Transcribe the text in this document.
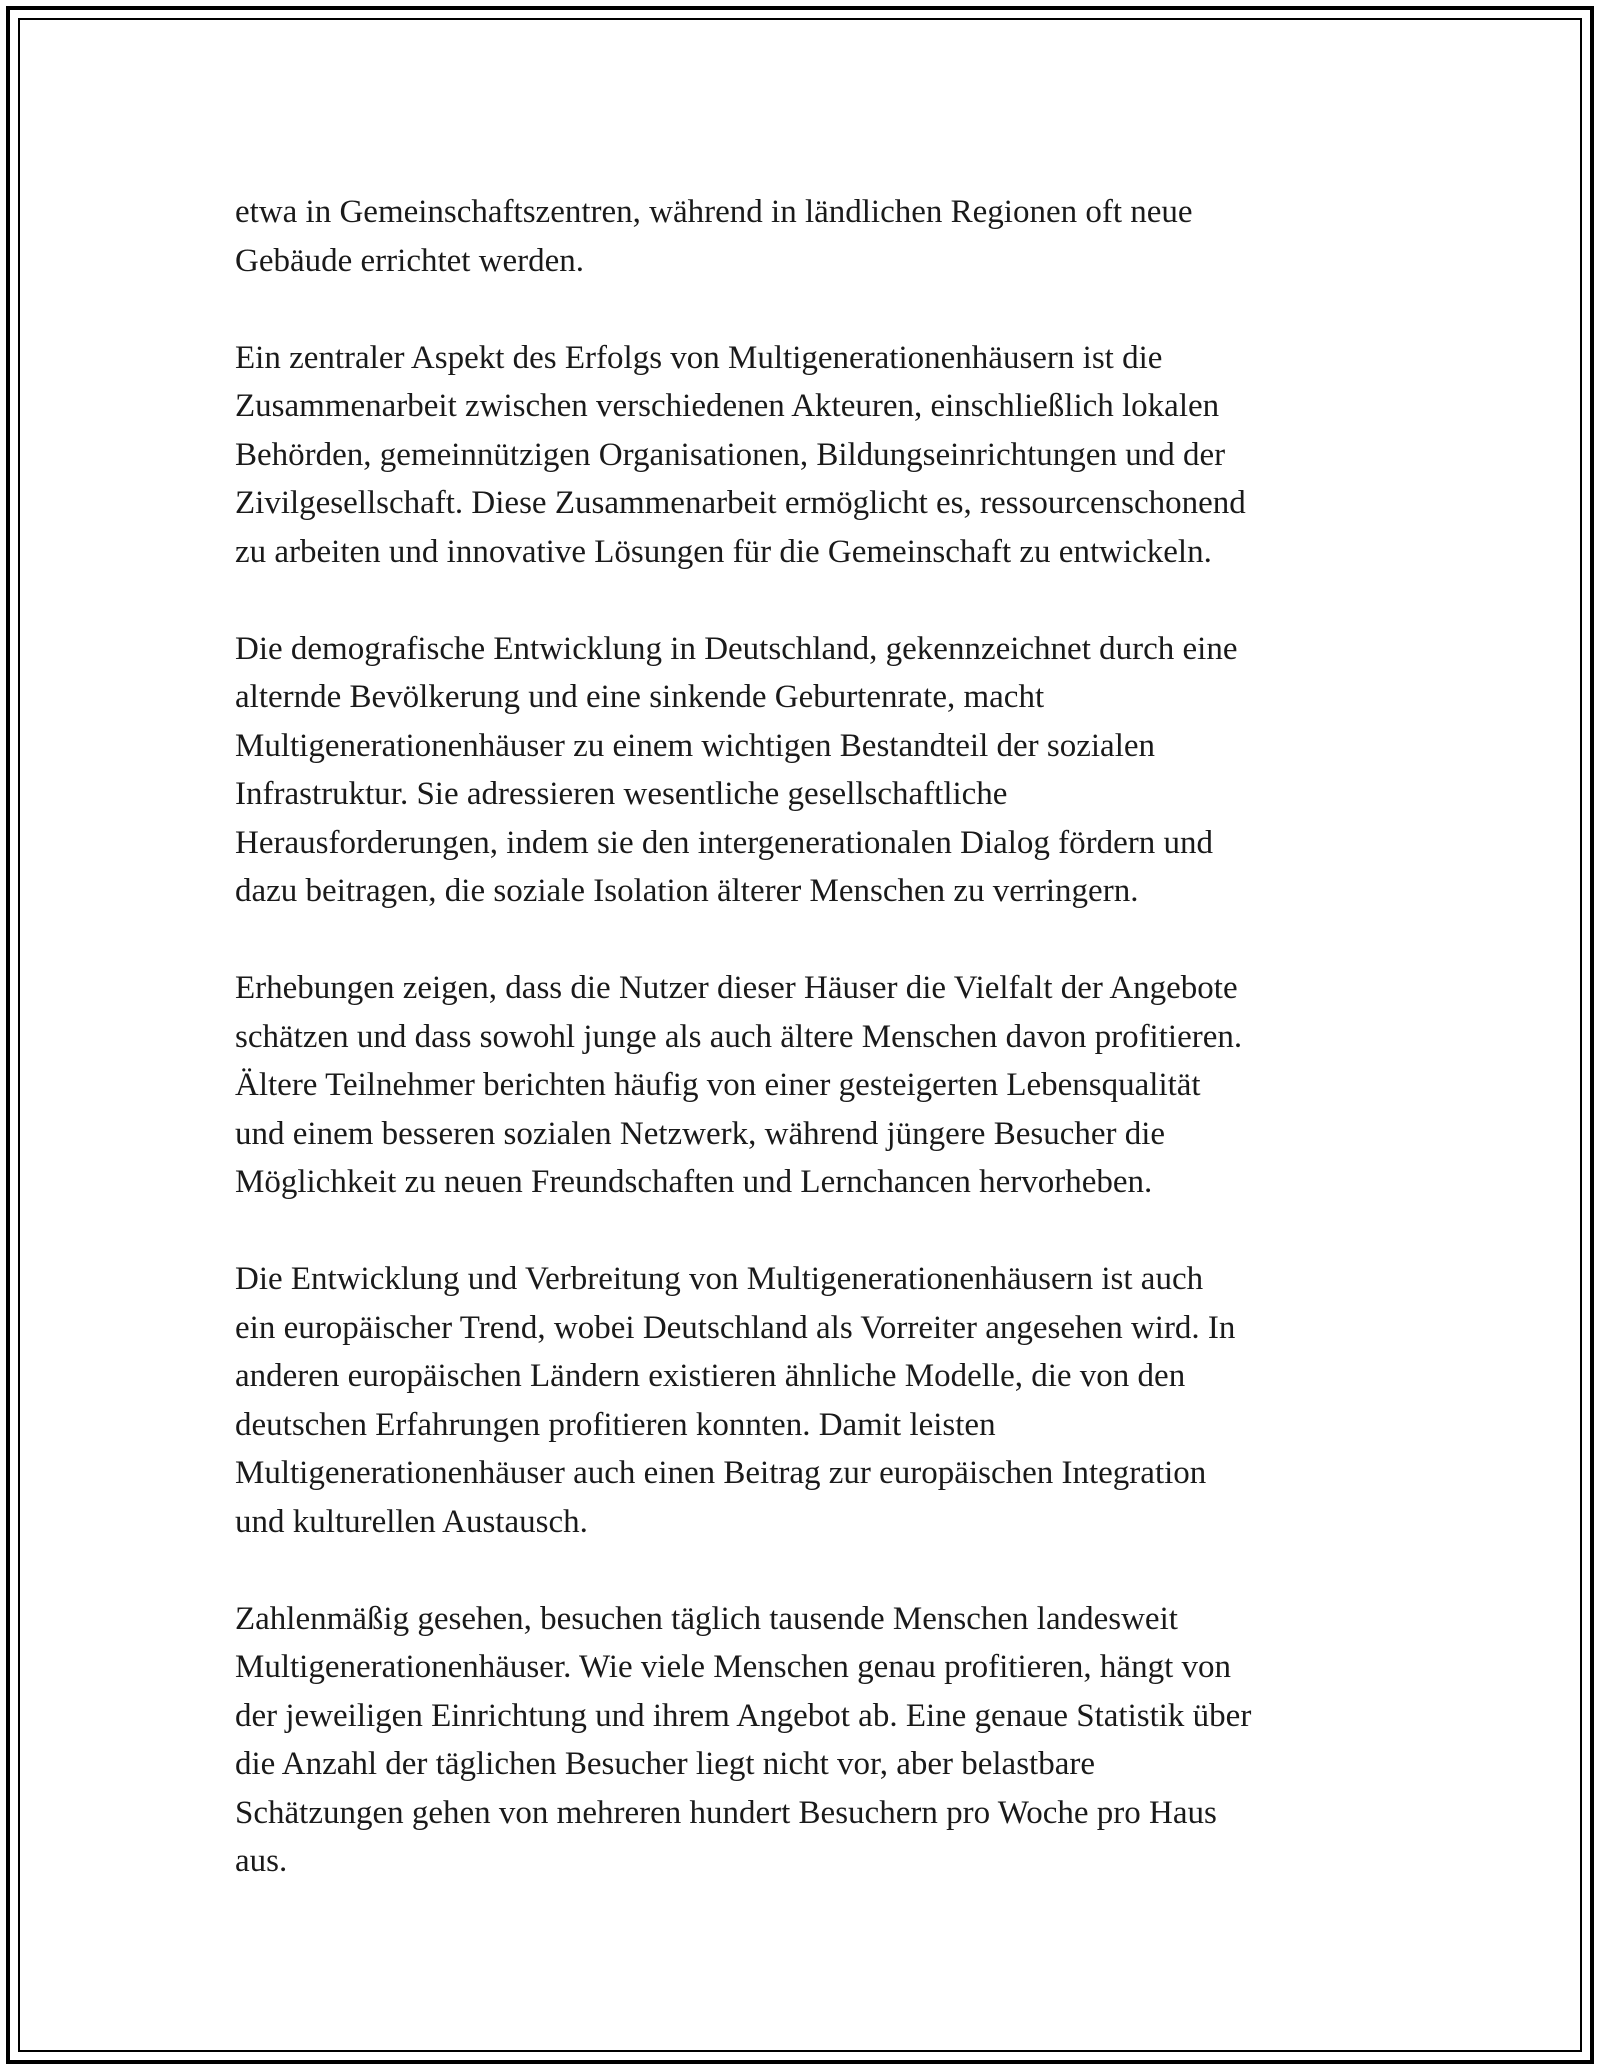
etwa in Gemeinschaftszentren, während in ländlichen Regionen oft neue
Gebäude errichtet werden.

Ein zentraler Aspekt des Erfolgs von Multigenerationenhäusern ist die
Zusammenarbeit zwischen verschiedenen Akteuren, einschließlich lokalen
Behörden, gemeinnützigen Organisationen, Bildungseinrichtungen und der
Zivilgesellschaft. Diese Zusammenarbeit ermöglicht es, ressourcenschonend
zu arbeiten und innovative Lösungen für die Gemeinschaft zu entwickeln.

Die demografische Entwicklung in Deutschland, gekennzeichnet durch eine
alternde Bevölkerung und eine sinkende Geburtenrate, macht
Multigenerationenhäuser zu einem wichtigen Bestandteil der sozialen
Infrastruktur. Sie adressieren wesentliche gesellschaftliche
Herausforderungen, indem sie den intergenerationalen Dialog fördern und
dazu beitragen, die soziale Isolation älterer Menschen zu verringern.

Erhebungen zeigen, dass die Nutzer dieser Häuser die Vielfalt der Angebote
schätzen und dass sowohl junge als auch ältere Menschen davon profitieren.
Ältere Teilnehmer berichten häufig von einer gesteigerten Lebensqualität
und einem besseren sozialen Netzwerk, während jüngere Besucher die
Möglichkeit zu neuen Freundschaften und Lernchancen hervorheben.

Die Entwicklung und Verbreitung von Multigenerationenhäusern ist auch
ein europäischer Trend, wobei Deutschland als Vorreiter angesehen wird. In
anderen europäischen Ländern existieren ähnliche Modelle, die von den
deutschen Erfahrungen profitieren konnten. Damit leisten
Multigenerationenhäuser auch einen Beitrag zur europäischen Integration
und kulturellen Austausch.

Zahlenmäßig gesehen, besuchen täglich tausende Menschen landesweit
Multigenerationenhäuser. Wie viele Menschen genau profitieren, hängt von
der jeweiligen Einrichtung und ihrem Angebot ab. Eine genaue Statistik über
die Anzahl der täglichen Besucher liegt nicht vor, aber belastbare
Schätzungen gehen von mehreren hundert Besuchern pro Woche pro Haus
aus.
